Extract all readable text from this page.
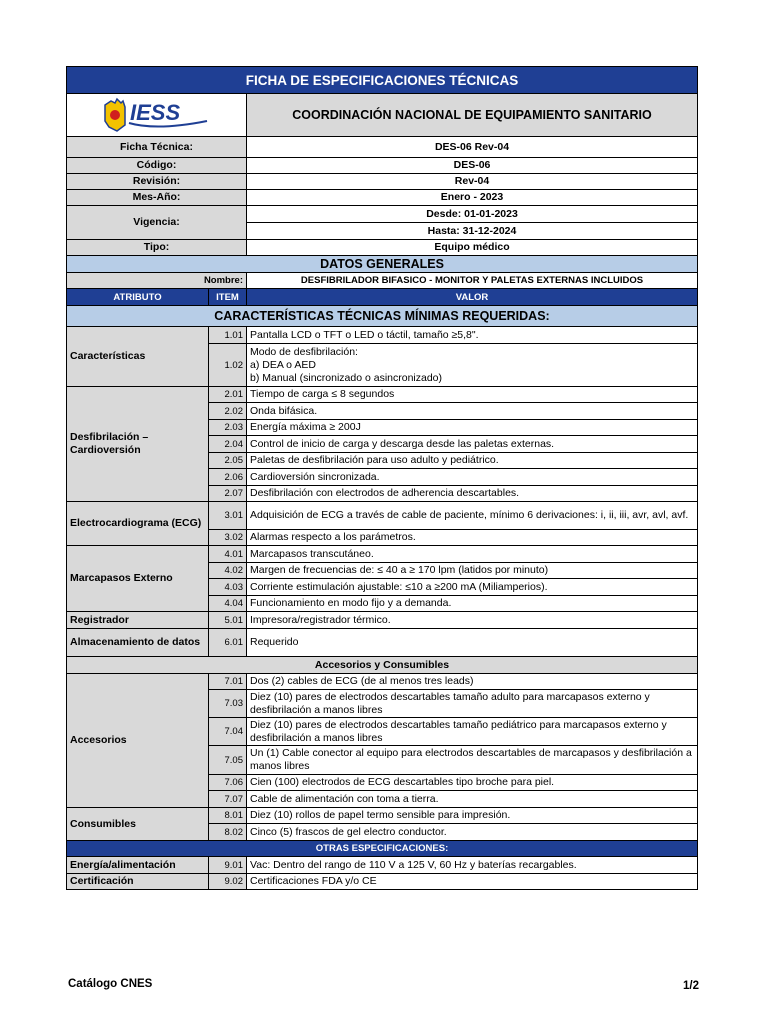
FICHA DE ESPECIFICACIONES TÉCNICAS		

IESS		COORDINACIÓN NACIONAL DE EQUIPAMIENTO SANITARIO
Ficha Técnica:		DES-06 Rev-04
Código:		DES-06
Revisión:		Rev-04
Mes-Año:		Enero - 2023
Vigencia:		Desde: 01-01-2023
		Hasta: 31-12-2024
Tipo:		Equipo médico
DATOS GENERALES		
Nombre:		DESFIBRILADOR BIFASICO - MONITOR Y PALETAS EXTERNAS INCLUIDOS
ATRIBUTO	ITEM	VALOR
CARACTERÍSTICAS TÉCNICAS MÍNIMAS REQUERIDAS:		
Características	1.01	Pantalla LCD o TFT o LED o táctil, tamaño ≥5,8".
	1.02	Modo de desfibrilación:
a) DEA o AED
b) Manual (sincronizado o asincronizado)

Desfibrilación – Cardioversión	2.01	Tiempo de carga ≤ 8 segundos
	2.02	Onda bifásica.
	2.03	Energía máxima ≥ 200J
	2.04	Control de inicio de carga y descarga desde las paletas externas.
	2.05	Paletas de desfibrilación para uso adulto y pediátrico.
	2.06	Cardioversión sincronizada.
	2.07	Desfibrilación con electrodos de adherencia descartables.
Electrocardiograma (ECG)	3.01	Adquisición de ECG a través de cable de paciente, mínimo 6 derivaciones: i, ii, iii, avr, avl, avf.
	3.02	Alarmas respecto a los parámetros.
Marcapasos Externo	4.01	Marcapasos transcutáneo.
	4.02	Margen de frecuencias de: ≤ 40 a ≥ 170 lpm (latidos por minuto)
	4.03	Corriente estimulación ajustable: ≤10 a ≥200 mA (Miliamperios).
	4.04	Funcionamiento en modo fijo y a demanda.
Registrador	5.01	Impresora/registrador térmico.
Almacenamiento de datos	6.01	Requerido
Accesorios y Consumibles		
Accesorios	7.01	Dos (2) cables de ECG (de al menos tres leads)
	7.03	Diez (10) pares de electrodos descartables tamaño adulto para marcapasos externo y desfibrilación a manos libres
	7.04	Diez (10) pares de electrodos descartables tamaño pediátrico para marcapasos externo y desfibrilación a manos libres
	7.05	Un (1) Cable conector al equipo para electrodos descartables de marcapasos y desfibrilación a manos libres
	7.06	Cien (100) electrodos de ECG descartables tipo broche para piel.
	7.07	Cable de alimentación con toma a tierra.
Consumibles	8.01	Diez (10) rollos de papel termo sensible para impresión.
	8.02	Cinco (5) frascos de gel electro conductor.
OTRAS ESPECIFICACIONES:		
Energía/alimentación	9.01	Vac: Dentro del rango de 110 V a 125 V, 60 Hz y baterías recargables.
Certificación	9.02	Certificaciones FDA y/o CE
Catálogo CNES	1/2
